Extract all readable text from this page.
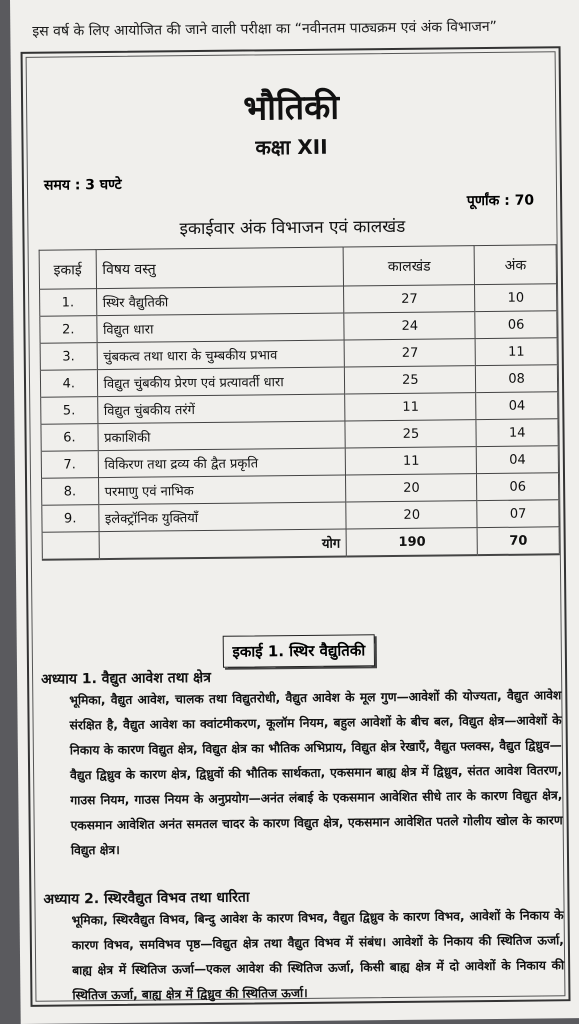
इस वर्ष के लिए आयोजित की जाने वाली परीक्षा का “नवीनतम पाठ्यक्रम एवं अंक विभाजन”
भौतिकी
कक्षा XII
समय : 3 घण्टे
पूर्णांक : 70
इकाईवार अंक विभाजन एवं कालखंड
इकाई	विषय वस्तु	कालखंड	अंक
1.	स्थिर वैद्युतिकी	27	10
2.	विद्युत धारा	24	06
3.	चुंबकत्व तथा धारा के चुम्बकीय प्रभाव	27	11
4.	विद्युत चुंबकीय प्रेरण एवं प्रत्यावर्ती धारा	25	08
5.	विद्युत चुंबकीय तरंगें	11	04
6.	प्रकाशिकी	25	14
7.	विकिरण तथा द्रव्य की द्वैत प्रकृति	11	04
8.	परमाणु एवं नाभिक	20	06
9.	इलेक्ट्रॉनिक युक्तियाँ	20	07
	योग	190	70
इकाई 1. स्थिर वैद्युतिकी
अध्याय 1. वैद्युत आवेश तथा क्षेत्र
भूमिका, वैद्युत आवेश, चालक तथा विद्युतरोधी, वैद्युत आवेश के मूल गुण—आवेशों की योज्यता, वैद्युत आवेश संरक्षित है, वैद्युत आवेश का क्वांटमीकरण, कूलॉम नियम, बहुल आवेशों के बीच बल, विद्युत क्षेत्र—आवेशों के निकाय के कारण विद्युत क्षेत्र, विद्युत क्षेत्र का भौतिक अभिप्राय, विद्युत क्षेत्र रेखाएँ, वैद्युत फ्लक्स, वैद्युत द्विध्रुव—वैद्युत द्विध्रुव के कारण क्षेत्र, द्विध्रुवों की भौतिक सार्थकता, एकसमान बाह्य क्षेत्र में द्विध्रुव, संतत आवेश वितरण, गाउस नियम, गाउस नियम के अनुप्रयोग—अनंत लंबाई के एकसमान आवेशित सीधे तार के कारण विद्युत क्षेत्र, एकसमान आवेशित अनंत समतल चादर के कारण विद्युत क्षेत्र, एकसमान आवेशित पतले गोलीय खोल के कारण विद्युत क्षेत्र।
अध्याय 2. स्थिरवैद्युत विभव तथा धारिता
भूमिका, स्थिरवैद्युत विभव, बिन्दु आवेश के कारण विभव, वैद्युत द्विध्रुव के कारण विभव, आवेशों के निकाय के कारण विभव, समविभव पृष्ठ—विद्युत क्षेत्र तथा वैद्युत विभव में संबंध। आवेशों के निकाय की स्थितिज ऊर्जा, बाह्य क्षेत्र में स्थितिज ऊर्जा—एकल आवेश की स्थितिज ऊर्जा, किसी बाह्य क्षेत्र में दो आवेशों के निकाय की स्थितिज ऊर्जा, बाह्य क्षेत्र में द्विध्रुव की स्थितिज ऊर्जा।
